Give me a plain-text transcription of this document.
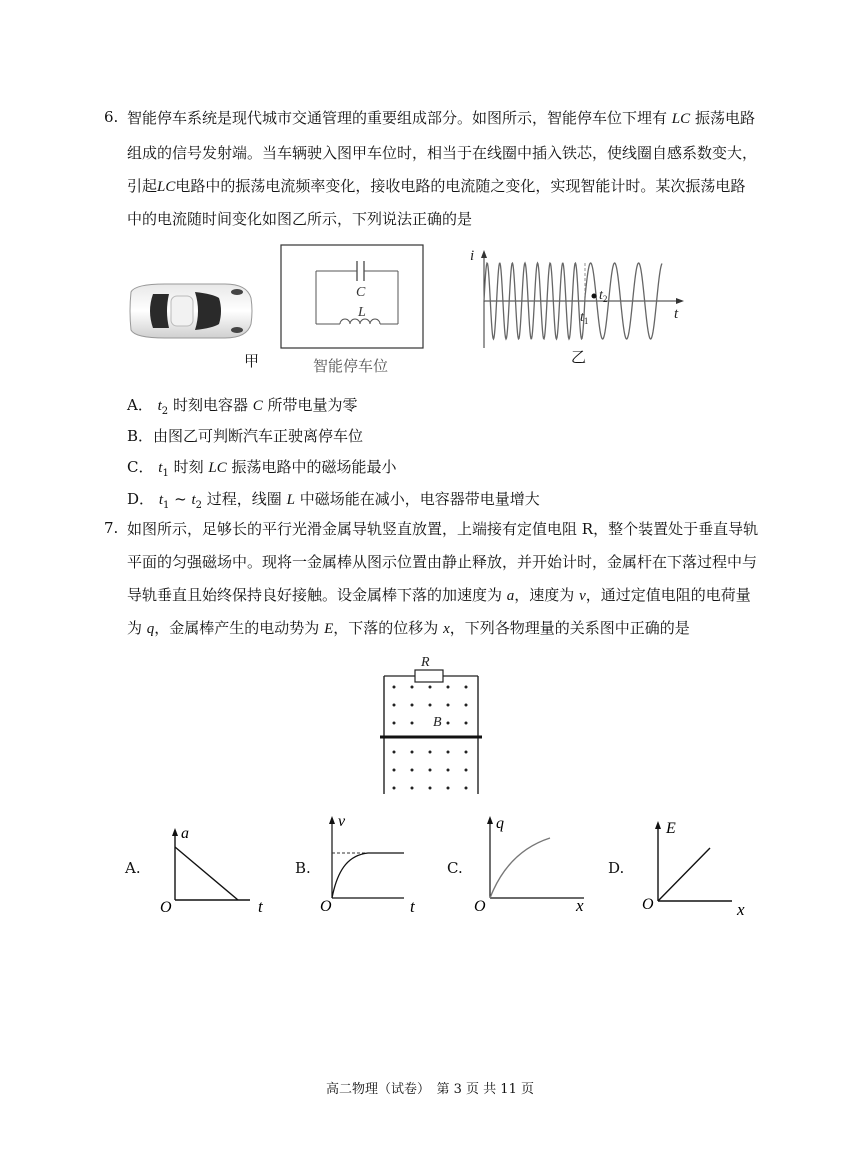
6. 智能停车系统是现代城市交通管理的重要组成部分。如图所示，智能停车位下埋有 LC 振荡电路
组成的信号发射端。当车辆驶入图甲车位时，相当于在线圈中插入铁芯，使线圈自感系数变大，
引起LC电路中的振荡电流频率变化，接收电路的电流随之变化，实现智能计时。某次振荡电路
中的电流随时间变化如图乙所示，下列说法正确的是
甲
C
L
智能停车位
i
t
$t_1$
$t_2$
乙
A． $t_2$ 时刻电容器 C 所带电量为零
B．由图乙可判断汽车正驶离停车位
C． $t_1$ 时刻 LC 振荡电路中的磁场能最小
D． $t_1$ ~ $t_2$ 过程，线圈 L 中磁场能在减小，电容器带电量增大
7. 如图所示，足够长的平行光滑金属导轨竖直放置，上端接有定值电阻 R，整个装置处于垂直导轨
平面的匀强磁场中。现将一金属棒从图示位置由静止释放，并开始计时，金属杆在下落过程中与
导轨垂直且始终保持良好接触。设金属棒下落的加速度为 a，速度为 v，通过定值电阻的电荷量
为 q，金属棒产生的电动势为 E，下落的位移为 x，下列各物理量的关系图中正确的是
R
B
A.
a
t
O
B.
v
t
O
C.
q
x
O
D.
E
x
O
高二物理（试卷）　第 3 页 共 11 页
